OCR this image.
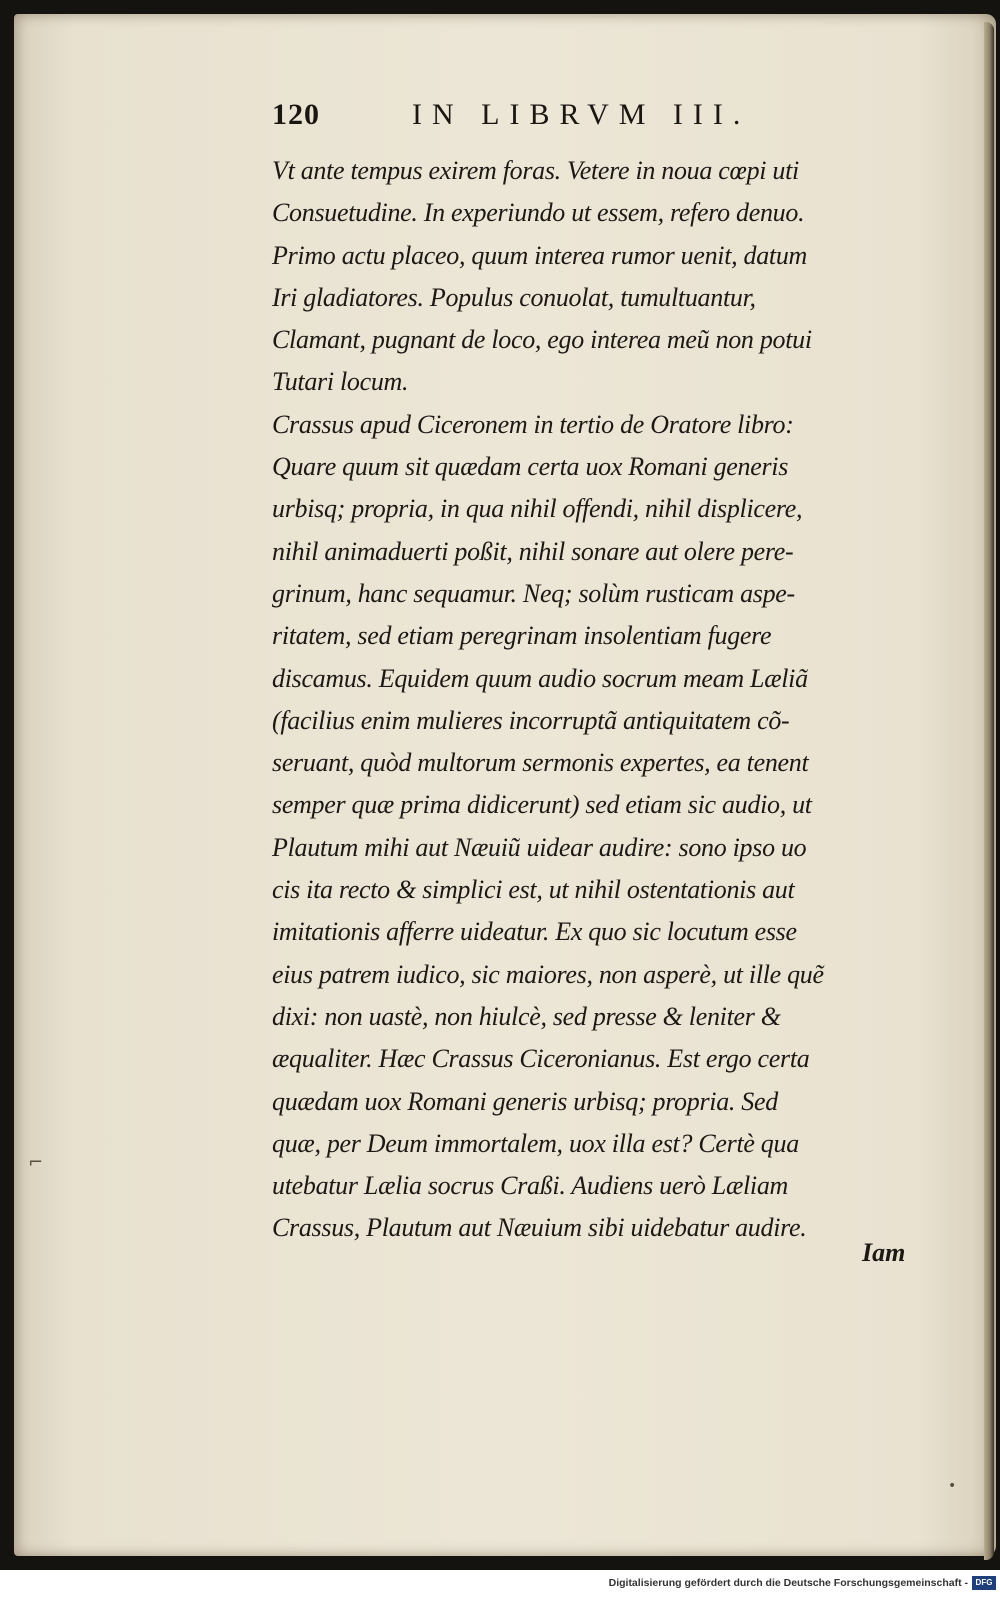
120	IN LIBRVM III.
Vt ante tempus exirem foras. Vetere in noua cœpi uti
Consuetudine. In experiundo ut essem, refero denuo.
Primo actu placeo, quum interea rumor uenit, datum
Iri gladiatores. Populus conuolat, tumultuantur,
Clamant, pugnant de loco, ego interea meũ non potui
Tutari locum.
Crassus apud Ciceronem in tertio de Oratore libro:
Quare quum sit quædam certa uox Romani generis
urbisq; propria, in qua nihil offendi, nihil displicere,
nihil animaduerti poßit, nihil sonare aut olere pere-
grinum, hanc sequamur. Neq; solùm rusticam aspe-
ritatem, sed etiam peregrinam insolentiam fugere
discamus. Equidem quum audio socrum meam Læliã
(facilius enim mulieres incorruptã antiquitatem cõ-
seruant, quòd multorum sermonis expertes, ea tenent
semper quæ prima didicerunt) sed etiam sic audio, ut
Plautum mihi aut Næuiũ uidear audire: sono ipso uo
cis ita recto & simplici est, ut nihil ostentationis aut
imitationis afferre uideatur. Ex quo sic locutum esse
eius patrem iudico, sic maiores, non asperè, ut ille quẽ
dixi: non uastè, non hiulcè, sed presse & leniter &
æqualiter. Hæc Crassus Ciceronianus. Est ergo certa
quædam uox Romani generis urbisq; propria. Sed
quæ, per Deum immortalem, uox illa est? Certè qua
utebatur Lælia socrus Craßi. Audiens uerò Læliam
Crassus, Plautum aut Næuium sibi uidebatur audire.
Iam
⌐
•
Digitalisierung gefördert durch die Deutsche Forschungsgemeinschaft - DFG
